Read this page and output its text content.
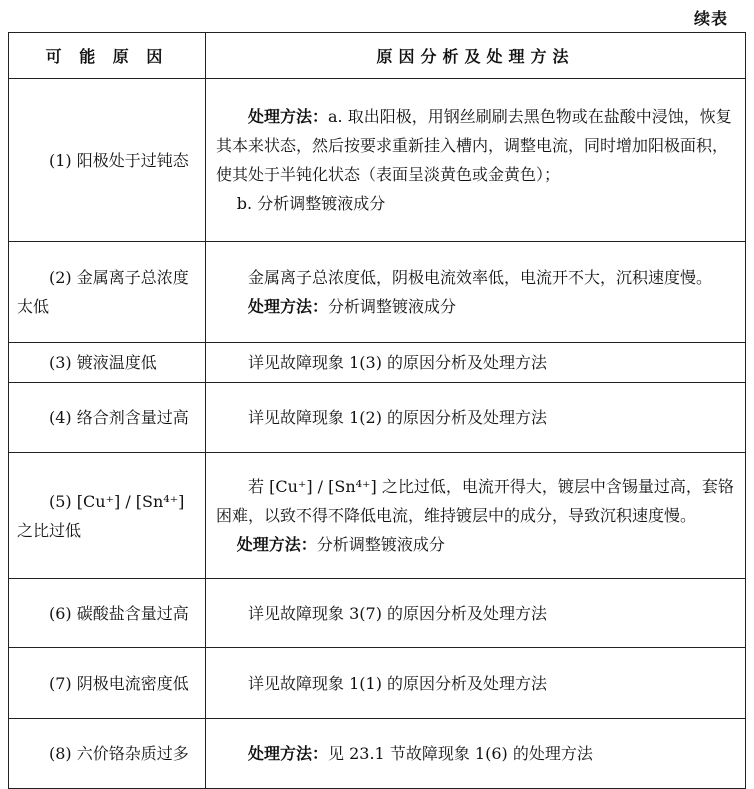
续表
可 能 原 因	原因分析及处理方法
(1) 阳极处于过钝态	处理方法：a. 取出阳极，用钢丝刷刷去黑色物或在盐酸中浸蚀，恢复其本来状态，然后按要求重新挂入槽内，调整电流，同时增加阳极面积，使其处于半钝化状态（表面呈淡黄色或金黄色）；

b. 分析调整镀液成分

(2) 金属离子总浓度太低	金属离子总浓度低，阴极电流效率低，电流开不大，沉积速度慢。

处理方法：分析调整镀液成分

(3) 镀液温度低	详见故障现象 1(3) 的原因分析及处理方法

(4) 络合剂含量过高	详见故障现象 1(2) 的原因分析及处理方法

(5) [Cu⁺] / [Sn⁴⁺] 之比过低	若 [Cu⁺] / [Sn⁴⁺] 之比过低，电流开得大，镀层中含锡量过高，套铬困难，以致不得不降低电流，维持镀层中的成分，导致沉积速度慢。

处理方法：分析调整镀液成分

(6) 碳酸盐含量过高	详见故障现象 3(7) 的原因分析及处理方法

(7) 阴极电流密度低	详见故障现象 1(1) 的原因分析及处理方法

(8) 六价铬杂质过多	处理方法：见 23.1 节故障现象 1(6) 的处理方法
